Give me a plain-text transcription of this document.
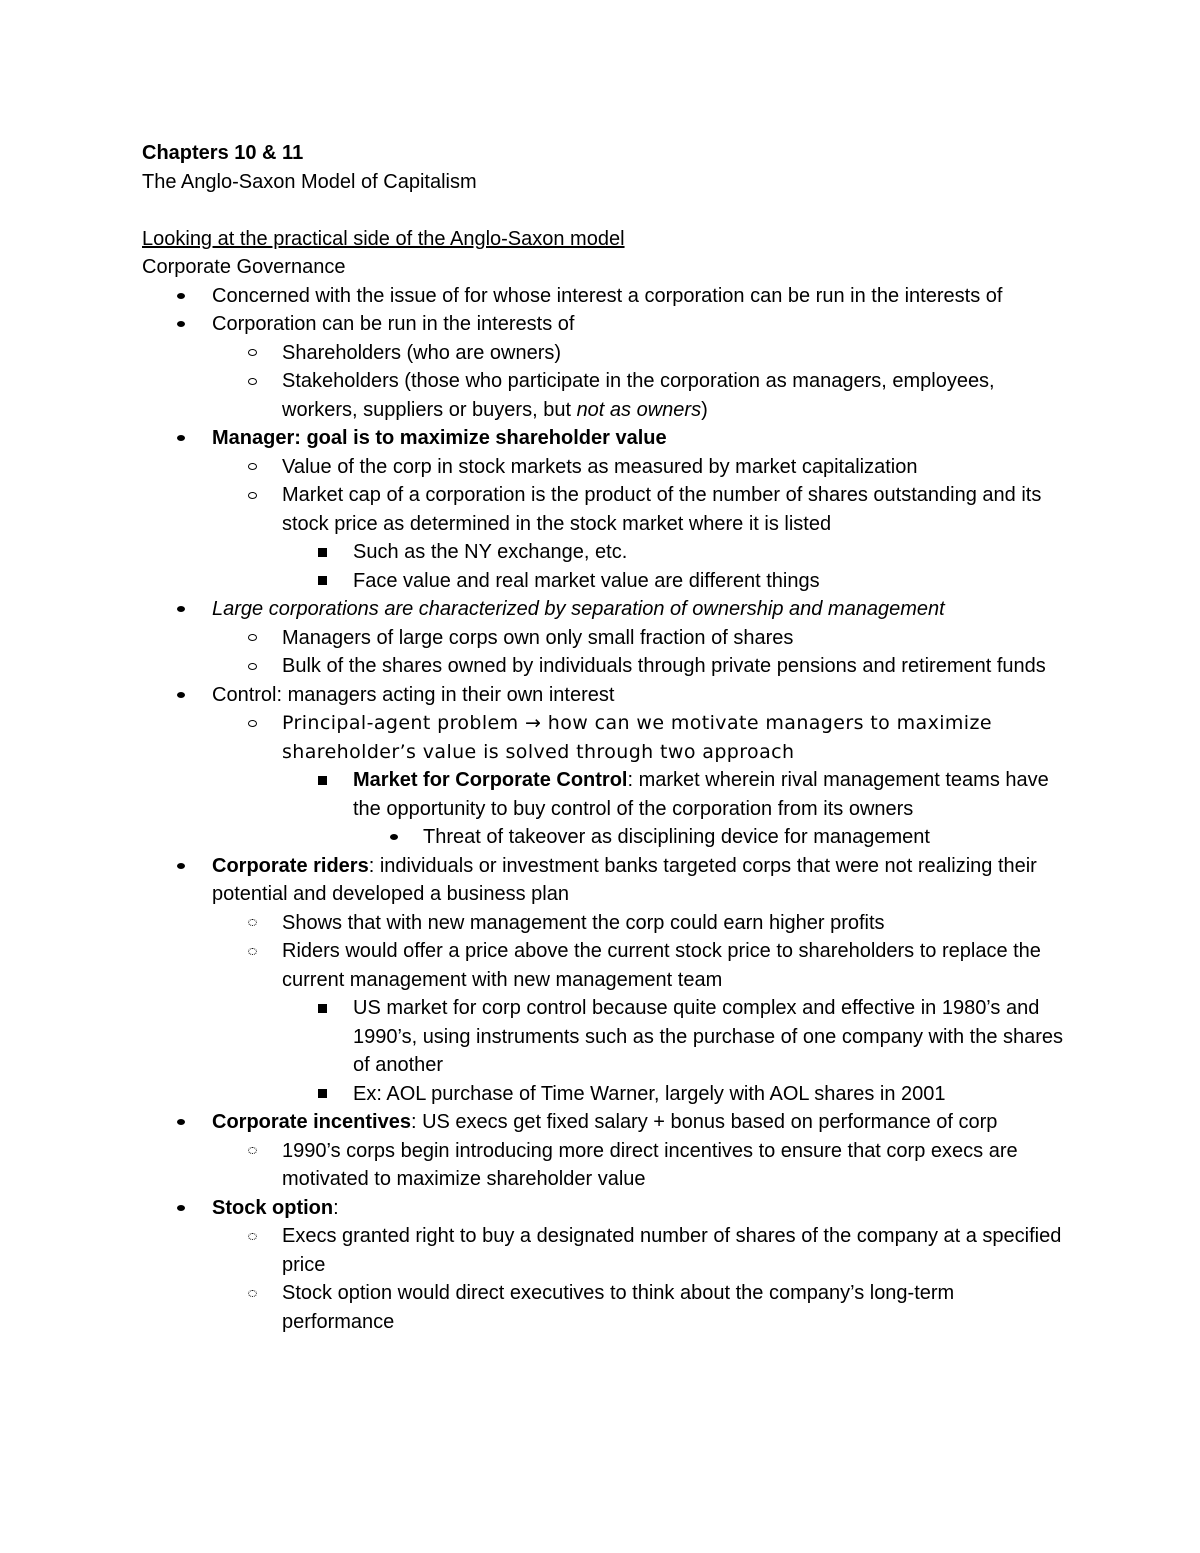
Chapters 10 & 11
The Anglo-Saxon Model of Capitalism

Looking at the practical side of the Anglo-Saxon model
Corporate Governance
Concerned with the issue of for whose interest a corporation can be run in the interests of
Corporation can be run in the interests of
Shareholders (who are owners)
Stakeholders (those who participate in the corporation as managers, employees, workers, suppliers or buyers, but not as owners)
Manager: goal is to maximize shareholder value
Value of the corp in stock markets as measured by market capitalization
Market cap of a corporation is the product of the number of shares outstanding and its stock price as determined in the stock market where it is listed
Such as the NY exchange, etc.
Face value and real market value are different things
Large corporations are characterized by separation of ownership and management
Managers of large corps own only small fraction of shares
Bulk of the shares owned by individuals through private pensions and retirement funds
Control: managers acting in their own interest
Principal-agent problem → how can we motivate managers to maximize shareholder’s value is solved through two approach
Market for Corporate Control: market wherein rival management teams have the opportunity to buy control of the corporation from its owners
Threat of takeover as disciplining device for management
Corporate riders: individuals or investment banks targeted corps that were not realizing their potential and developed a business plan
Shows that with new management the corp could earn higher profits
Riders would offer a price above the current stock price to shareholders to replace the current management with new management team
US market for corp control because quite complex and effective in 1980’s and 1990’s, using instruments such as the purchase of one company with the shares of another
Ex: AOL purchase of Time Warner, largely with AOL shares in 2001
Corporate incentives: US execs get fixed salary + bonus based on performance of corp
1990’s corps begin introducing more direct incentives to ensure that corp execs are motivated to maximize shareholder value
Stock option:
Execs granted right to buy a designated number of shares of the company at a specified price
Stock option would direct executives to think about the company’s long-term performance
